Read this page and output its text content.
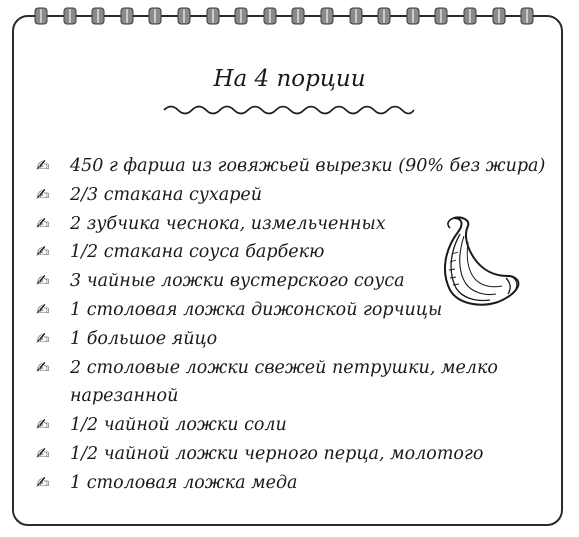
На 4 порции
✍	450 г фарша из говяжьей вырезки (90% без жира)
✍	2/3 стакана сухарей
✍	2 зубчика чеснока, измельченных
✍	1/2 стакана соуса барбекю
✍	3 чайные ложки вустерского соуса
✍	1 столовая ложка дижонской горчицы
✍	1 большое яйцо
✍	2 столовые ложки свежей петрушки, мелко
нарезанной
✍	1/2 чайной ложки соли
✍	1/2 чайной ложки черного перца, молотого
✍	1 столовая ложка меда
